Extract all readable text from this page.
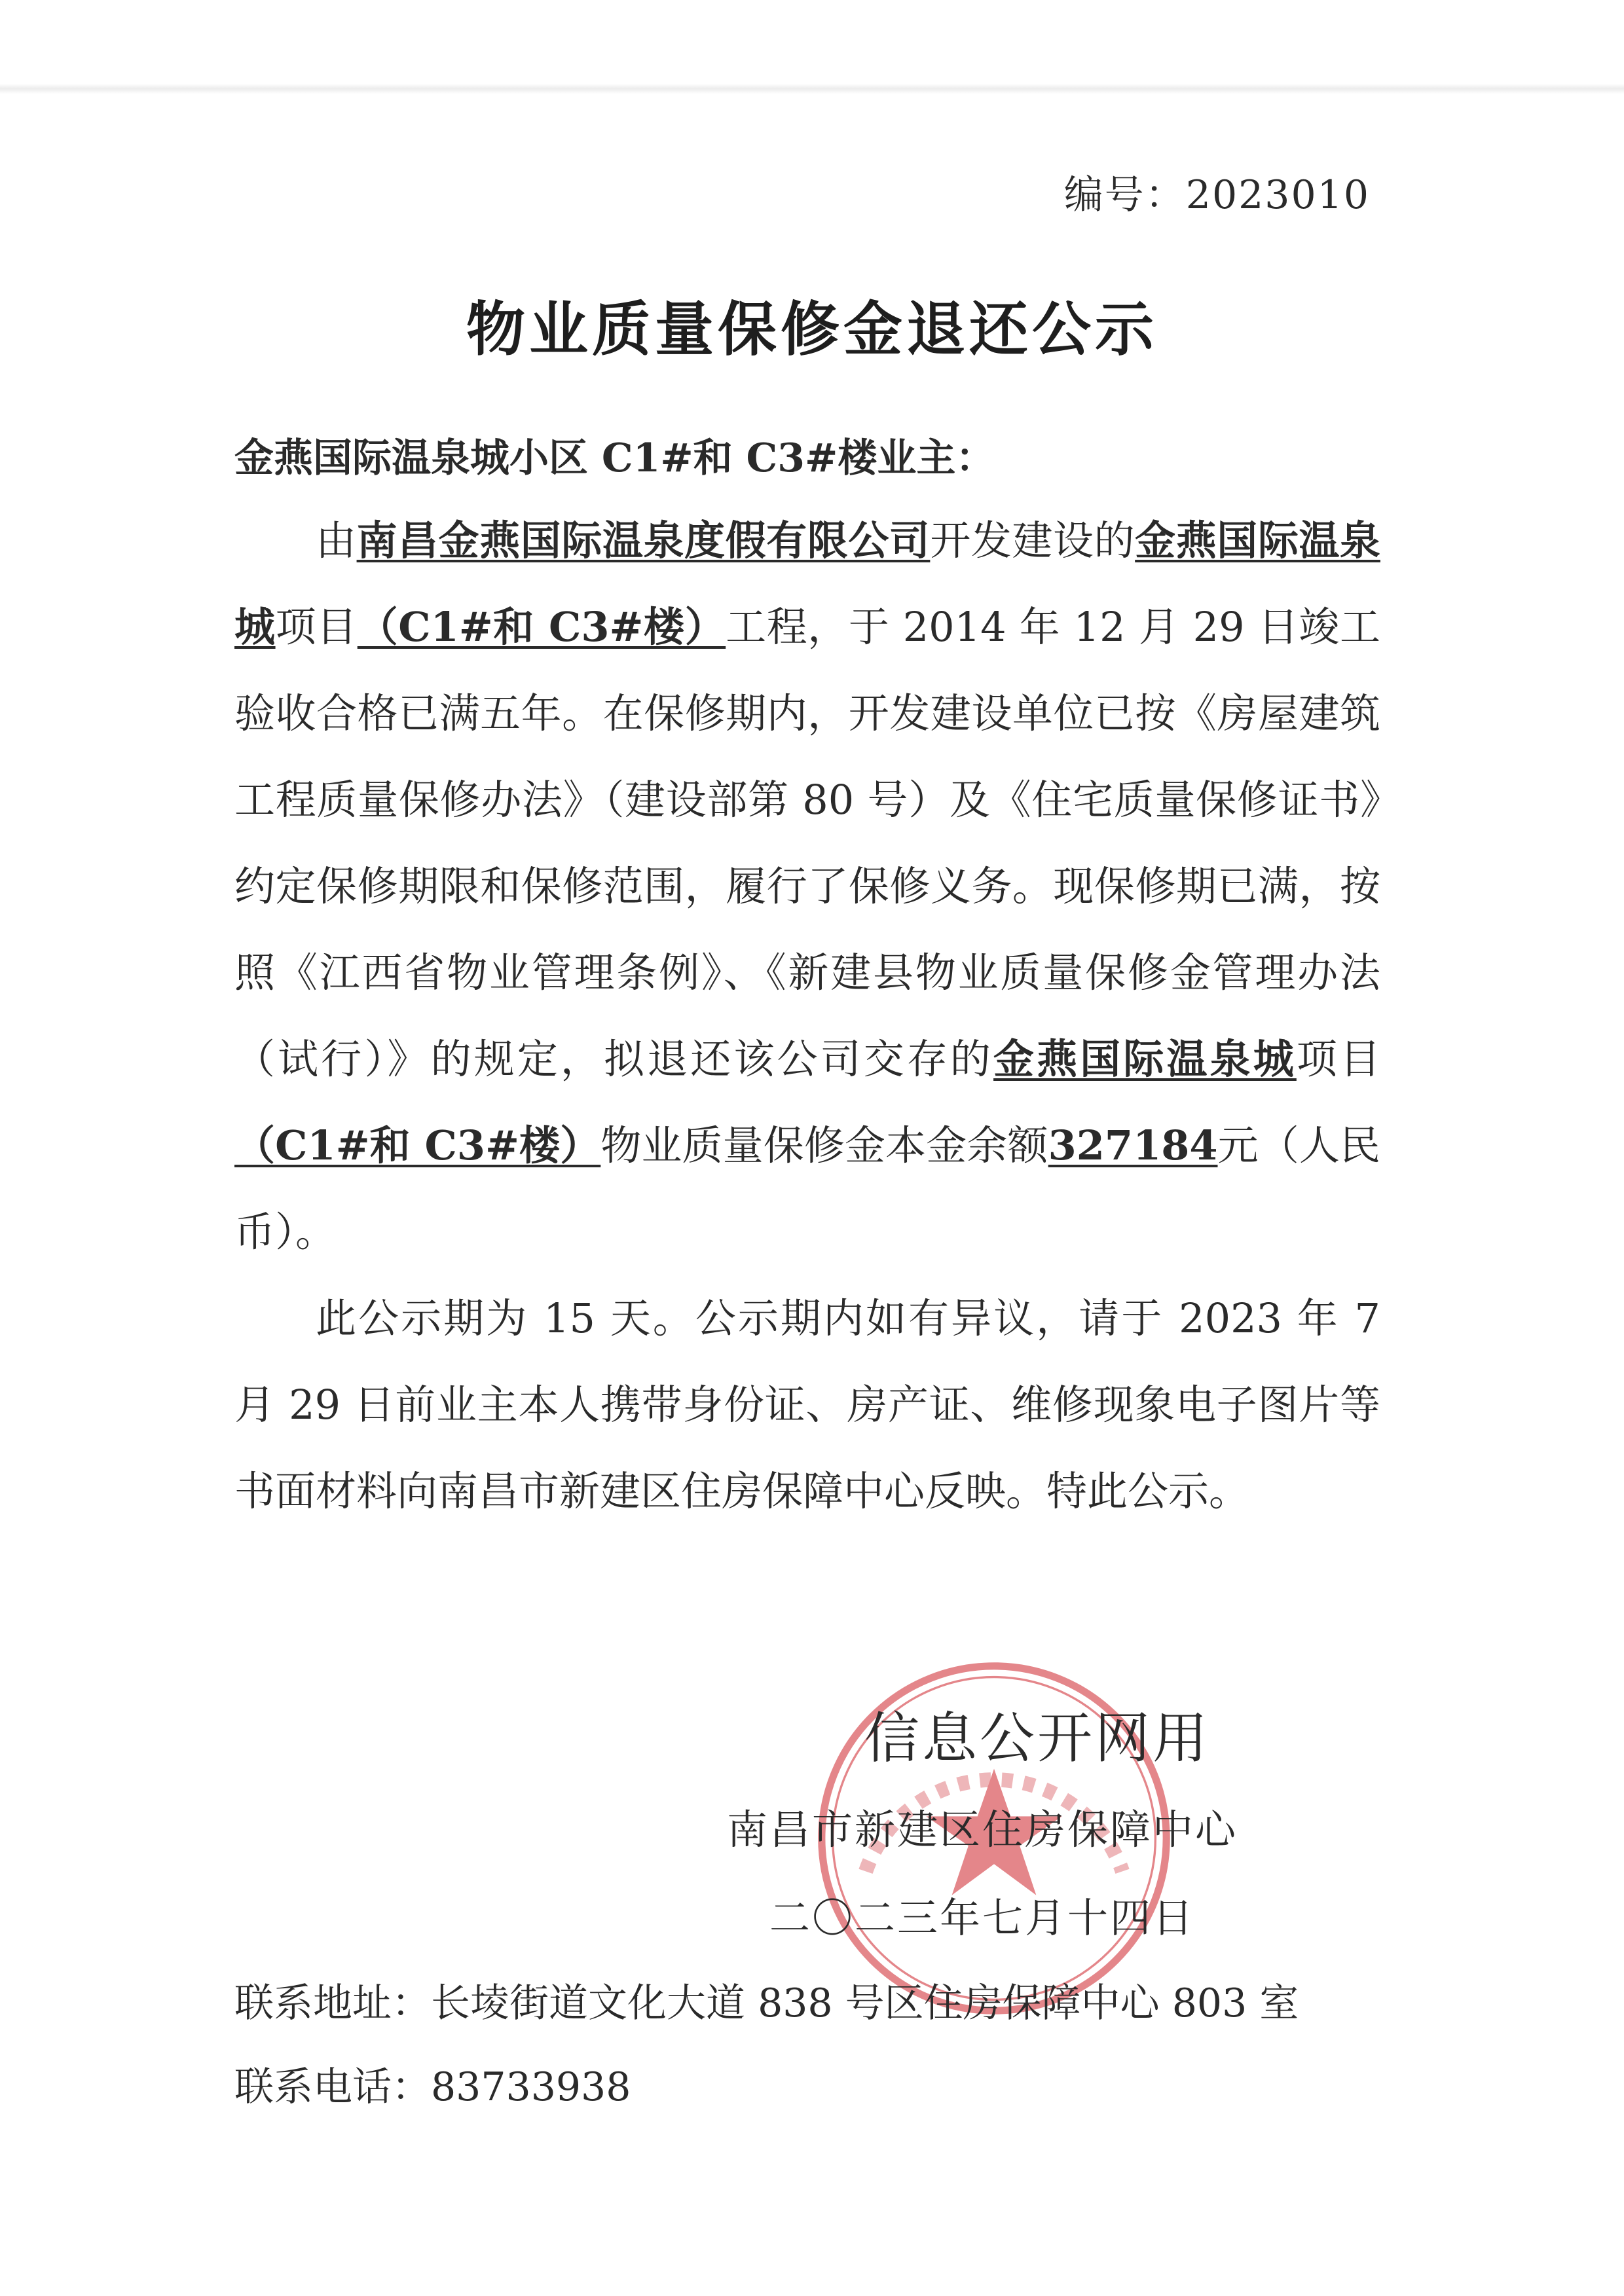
编号：2023010
物业质量保修金退还公示
金燕国际温泉城小区 C1#和 C3#楼业主：

由南昌金燕国际温泉度假有限公司开发建设的金燕国际温泉城项目（C1#和 C3#楼）工程，于 2014 年 12 月 29 日竣工验收合格已满五年。在保修期内，开发建设单位已按《房屋建筑工程质量保修办法》（建设部第 80 号）及《住宅质量保修证书》约定保修期限和保修范围，履行了保修义务。现保修期已满，按照《江西省物业管理条例》、《新建县物业质量保修金管理办法（试行）》的规定，拟退还该公司交存的金燕国际温泉城项目（C1#和 C3#楼）物业质量保修金本金余额327184元（人民币）。

此公示期为 15 天。公示期内如有异议，请于 2023 年 7 月 29 日前业主本人携带身份证、房产证、维修现象电子图片等书面材料向南昌市新建区住房保障中心反映。特此公示。

信息公开网用
南昌市新建区住房保障中心
二〇二三年七月十四日
联系地址：长堎街道文化大道 838 号区住房保障中心 803 室
联系电话：83733938
